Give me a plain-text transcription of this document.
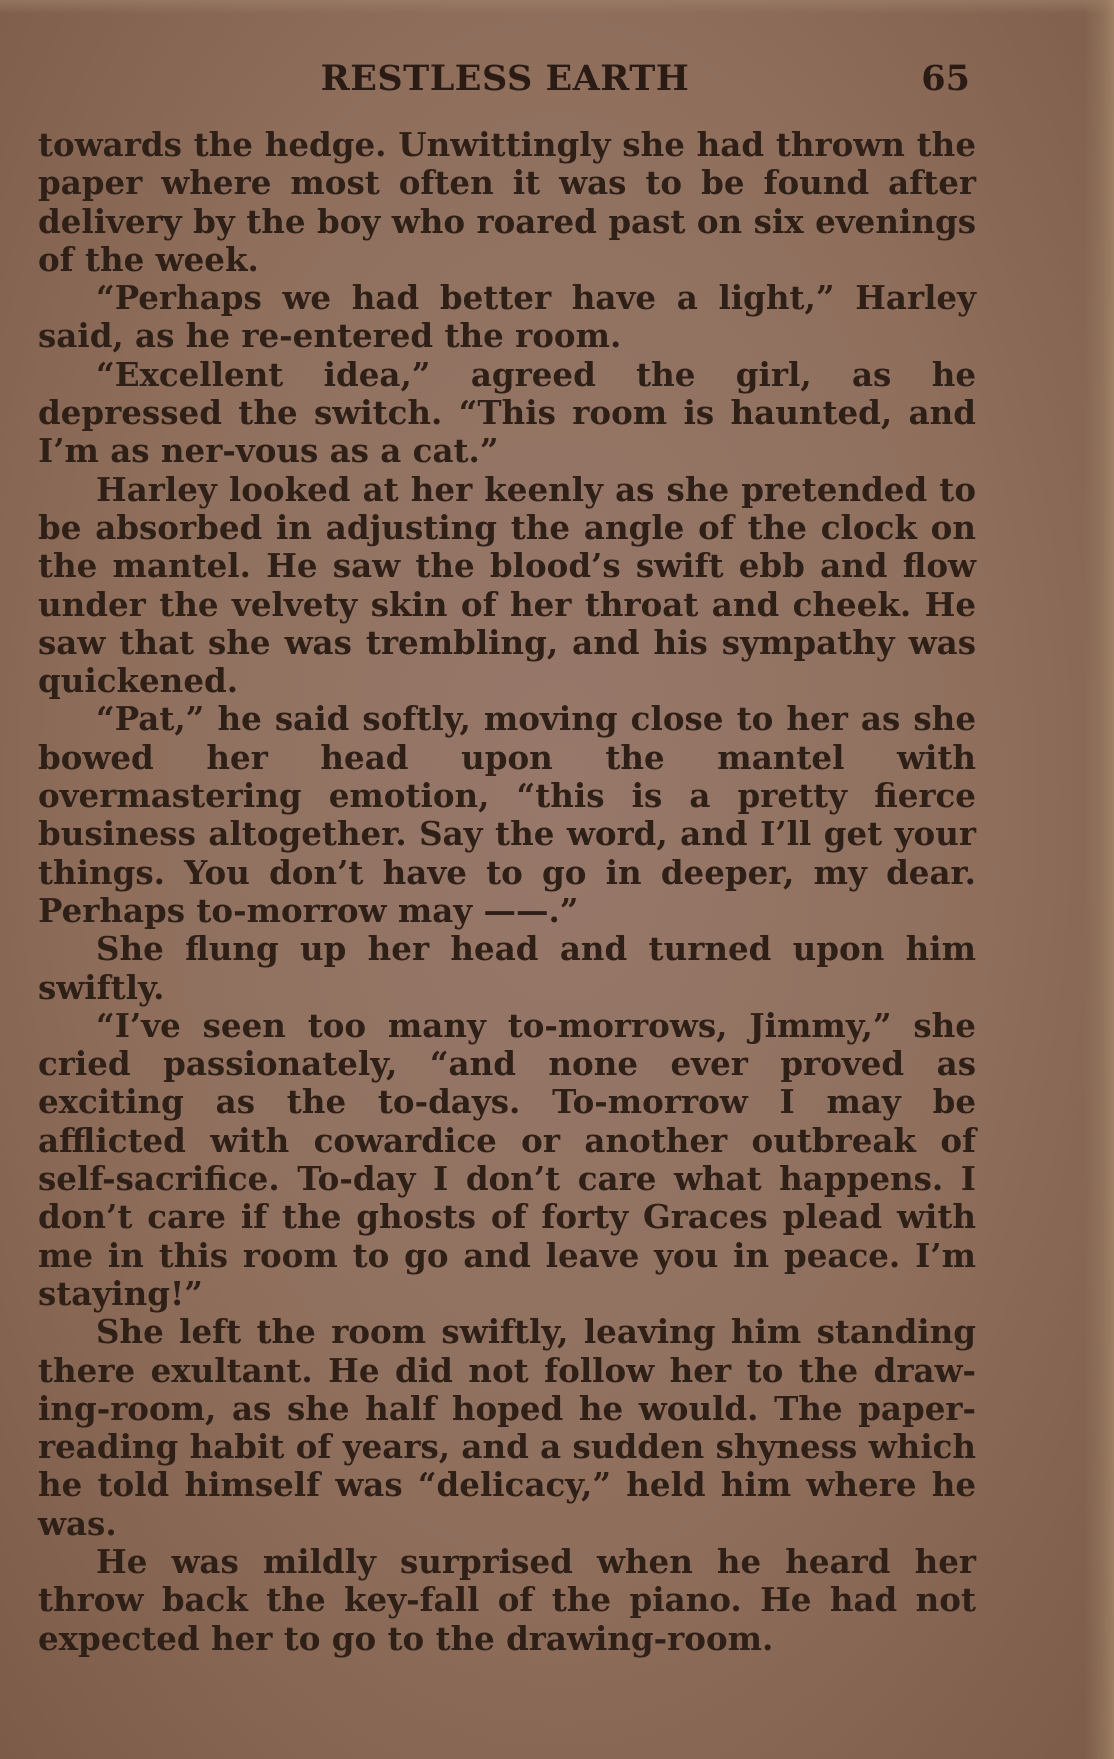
RESTLESS EARTH	65

towards the hedge. Unwittingly she had thrown the paper where most often it was to be found after delivery by the boy who roared past on six evenings of the week.

“Perhaps we had better have a light,” Harley said, as he re-entered the room.

“Excellent idea,” agreed the girl, as he depressed the switch. “This room is haunted, and I’m as ner-vous as a cat.”

Harley looked at her keenly as she pretended to be absorbed in adjusting the angle of the clock on the mantel. He saw the blood’s swift ebb and flow under the velvety skin of her throat and cheek. He saw that she was trembling, and his sympathy was quickened.

“Pat,” he said softly, moving close to her as she bowed her head upon the mantel with overmastering emotion, “this is a pretty fierce business altogether. Say the word, and I’ll get your things. You don’t have to go in deeper, my dear. Perhaps to-morrow may ——.”

She flung up her head and turned upon him swiftly.

“I’ve seen too many to-morrows, Jimmy,” she cried passionately, “and none ever proved as exciting as the to-days. To-morrow I may be afflicted with cowardice or another outbreak of self-sacrifice. To-day I don’t care what happens. I don’t care if the ghosts of forty Graces plead with me in this room to go and leave you in peace. I’m staying!”

She left the room swiftly, leaving him standing there exultant. He did not follow her to the draw-ing-room, as she half hoped he would. The paper-reading habit of years, and a sudden shyness which he told himself was “delicacy,” held him where he was.

He was mildly surprised when he heard her throw back the key-fall of the piano. He had not expected her to go to the drawing-room.
